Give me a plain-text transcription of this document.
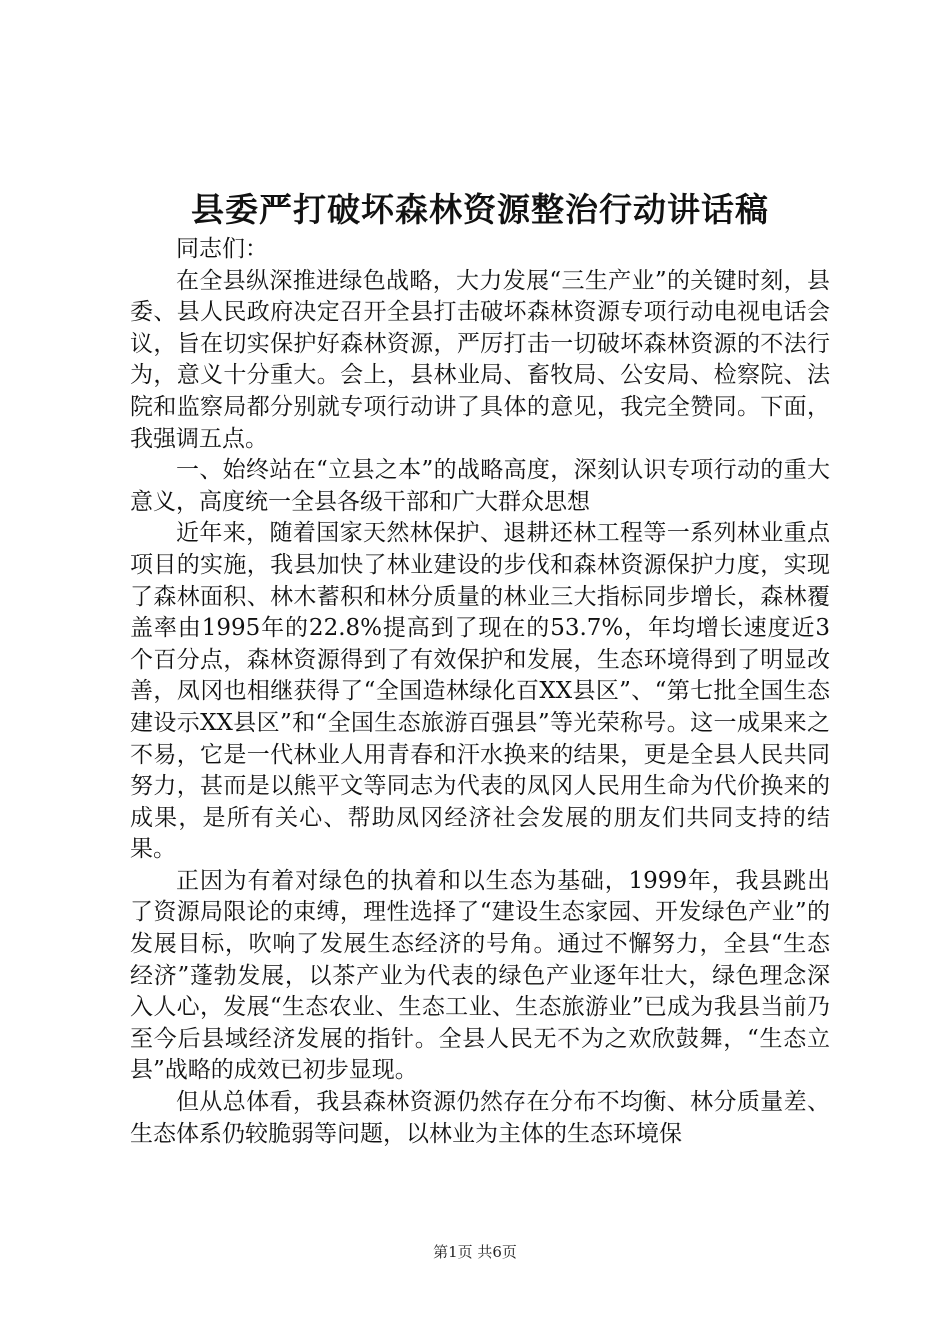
县委严打破坏森林资源整治行动讲话稿

同志们：

在全县纵深推进绿色战略，大力发展“三生产业”的关键时刻，县委、县人民政府决定召开全县打击破坏森林资源专项行动电视电话会议，旨在切实保护好森林资源，严厉打击一切破坏森林资源的不法行为，意义十分重大。会上，县林业局、畜牧局、公安局、检察院、法院和监察局都分别就专项行动讲了具体的意见，我完全赞同。下面，我强调五点。

一、始终站在“立县之本”的战略高度，深刻认识专项行动的重大意义，高度统一全县各级干部和广大群众思想

近年来，随着国家天然林保护、退耕还林工程等一系列林业重点项目的实施，我县加快了林业建设的步伐和森林资源保护力度，实现了森林面积、林木蓄积和林分质量的林业三大指标同步增长，森林覆盖率由1995年的22.8%提高到了现在的53.7%，年均增长速度近3个百分点，森林资源得到了有效保护和发展，生态环境得到了明显改善，凤冈也相继获得了“全国造林绿化百XX县区”、“第七批全国生态建设示XX县区”和“全国生态旅游百强县”等光荣称号。这一成果来之不易，它是一代林业人用青春和汗水换来的结果，更是全县人民共同努力，甚而是以熊平文等同志为代表的凤冈人民用生命为代价换来的成果，是所有关心、帮助凤冈经济社会发展的朋友们共同支持的结果。

正因为有着对绿色的执着和以生态为基础，1999年，我县跳出了资源局限论的束缚，理性选择了“建设生态家园、开发绿色产业”的发展目标，吹响了发展生态经济的号角。通过不懈努力，全县“生态经济”蓬勃发展，以茶产业为代表的绿色产业逐年壮大，绿色理念深入人心，发展“生态农业、生态工业、生态旅游业”已成为我县当前乃至今后县域经济发展的指针。全县人民无不为之欢欣鼓舞，“生态立县”战略的成效已初步显现。

但从总体看，我县森林资源仍然存在分布不均衡、林分质量差、生态体系仍较脆弱等问题，以林业为主体的生态环境保

第1页 共6页
